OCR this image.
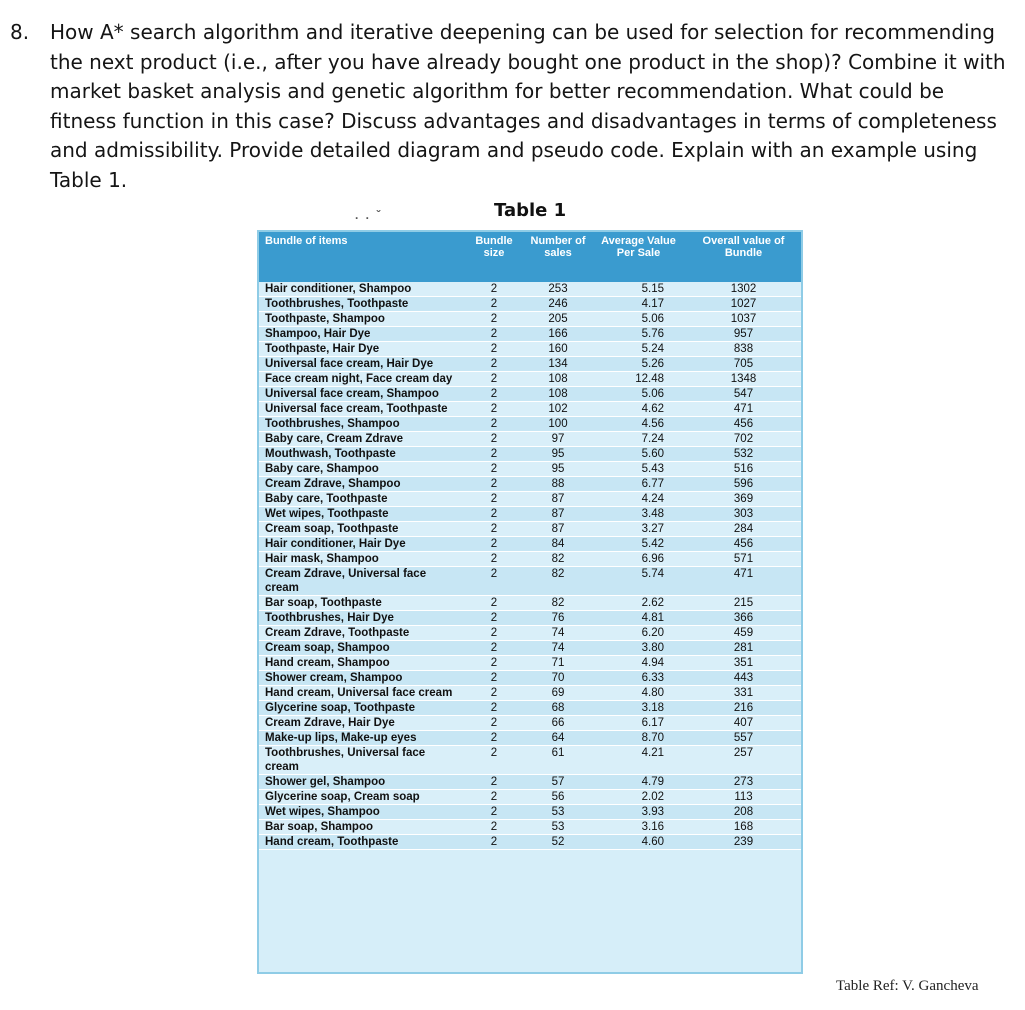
8. How A* search algorithm and iterative deepening can be used for selection for recommending the next product (i.e., after you have already bought one product in the shop)? Combine it with market basket analysis and genetic algorithm for better recommendation. What could be fitness function in this case? Discuss advantages and disadvantages in terms of completeness and admissibility. Provide detailed diagram and pseudo code. Explain with an example using Table 1.
. . ˇ	Table 1
Bundle of items	Bundle size	Number of sales	Average Value Per Sale	Overall value of Bundle
Hair conditioner, Shampoo	2	253	5.15	1302
Toothbrushes, Toothpaste	2	246	4.17	1027
Toothpaste, Shampoo	2	205	5.06	1037
Shampoo, Hair Dye	2	166	5.76	957
Toothpaste, Hair Dye	2	160	5.24	838
Universal face cream, Hair Dye	2	134	5.26	705
Face cream night, Face cream day	2	108	12.48	1348
Universal face cream, Shampoo	2	108	5.06	547
Universal face cream, Toothpaste	2	102	4.62	471
Toothbrushes, Shampoo	2	100	4.56	456
Baby care, Cream Zdrave	2	97	7.24	702
Mouthwash, Toothpaste	2	95	5.60	532
Baby care, Shampoo	2	95	5.43	516
Cream Zdrave, Shampoo	2	88	6.77	596
Baby care, Toothpaste	2	87	4.24	369
Wet wipes, Toothpaste	2	87	3.48	303
Cream soap, Toothpaste	2	87	3.27	284
Hair conditioner, Hair Dye	2	84	5.42	456
Hair mask, Shampoo	2	82	6.96	571
Cream Zdrave, Universal face cream	2	82	5.74	471
Bar soap, Toothpaste	2	82	2.62	215
Toothbrushes, Hair Dye	2	76	4.81	366
Cream Zdrave, Toothpaste	2	74	6.20	459
Cream soap, Shampoo	2	74	3.80	281
Hand cream, Shampoo	2	71	4.94	351
Shower cream, Shampoo	2	70	6.33	443
Hand cream, Universal face cream	2	69	4.80	331
Glycerine soap, Toothpaste	2	68	3.18	216
Cream Zdrave, Hair Dye	2	66	6.17	407
Make-up lips, Make-up eyes	2	64	8.70	557
Toothbrushes, Universal face cream	2	61	4.21	257
Shower gel, Shampoo	2	57	4.79	273
Glycerine soap, Cream soap	2	56	2.02	113
Wet wipes, Shampoo	2	53	3.93	208
Bar soap, Shampoo	2	53	3.16	168
Hand cream, Toothpaste	2	52	4.60	239
Table Ref: V. Gancheva
